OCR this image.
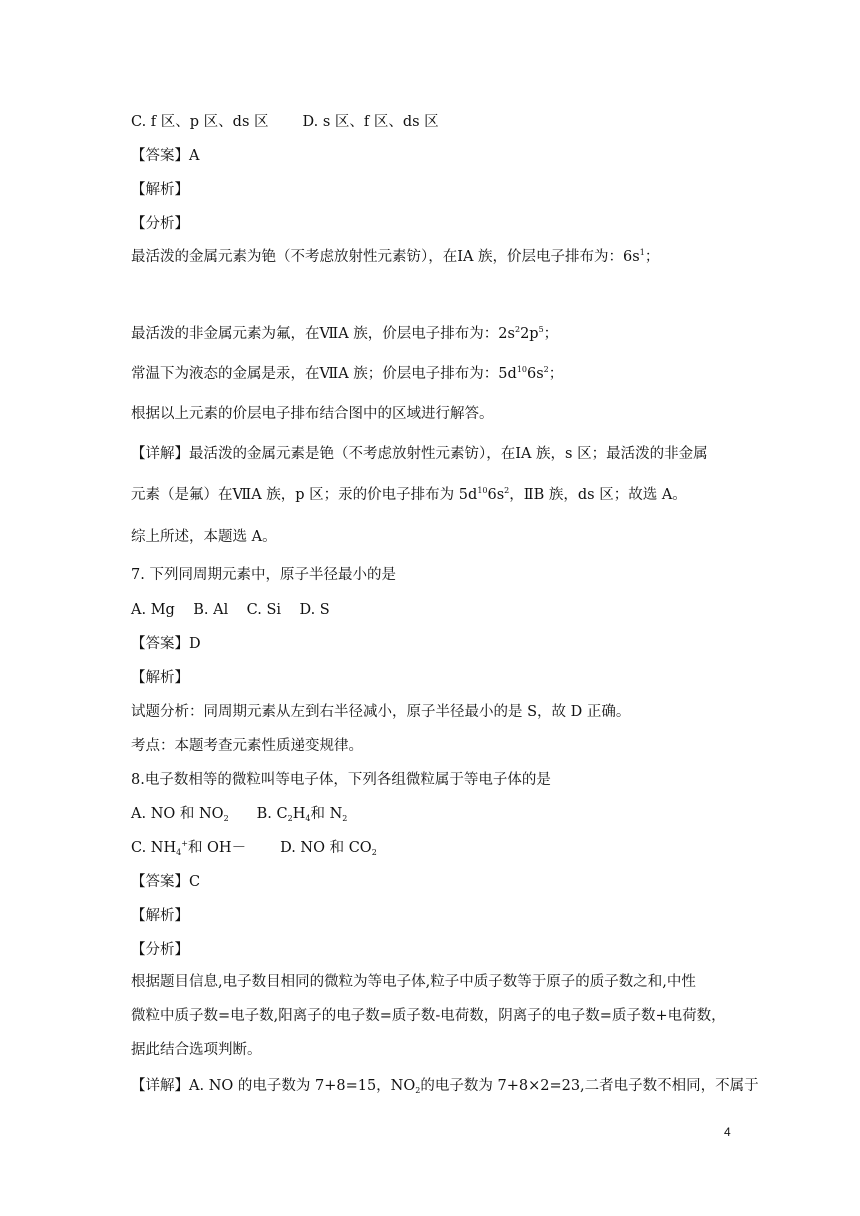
C. f 区、p 区、ds 区 D. s 区、f 区、ds 区
【答案】A
【解析】
【分析】
最活泼的金属元素为铯（不考虑放射性元素钫），在ⅠA 族，价层电子排布为：$6s^1$；
最活泼的非金属元素为氟，在ⅦA 族，价层电子排布为：$2s^22p^5$；
常温下为液态的金属是汞，在ⅦA 族；价层电子排布为：$5d^{10}6s^2$；
根据以上元素的价层电子排布结合图中的区域进行解答。
【详解】最活泼的金属元素是铯（不考虑放射性元素钫），在ⅠA 族，s 区；最活泼的非金属
元素（是氟）在ⅦA 族，p 区；汞的价电子排布为 $5d^{10}6s^2$，ⅡB 族，ds 区；故选 A。
综上所述，本题选 A。
7. 下列同周期元素中，原子半径最小的是
A. Mg    B. Al    C. Si    D. S
【答案】D
【解析】
试题分析：同周期元素从左到右半径减小，原子半径最小的是 S，故 D 正确。
考点：本题考查元素性质递变规律。
8.电子数相等的微粒叫等电子体，下列各组微粒属于等电子体的是
A. NO 和 $NO_2$ B. $C_2H_4$和 $N_2$
C. $NH_4^+$和 OH－ D. NO 和 $CO_2$
【答案】C
【解析】
【分析】
根据题目信息,电子数目相同的微粒为等电子体,粒子中质子数等于原子的质子数之和,中性
微粒中质子数=电子数,阳离子的电子数=质子数-电荷数，阴离子的电子数=质子数+电荷数，
据此结合选项判断。
【详解】A. NO 的电子数为 7+8=15，$NO_2$的电子数为 7+8×2=23,二者电子数不相同，不属于
4
